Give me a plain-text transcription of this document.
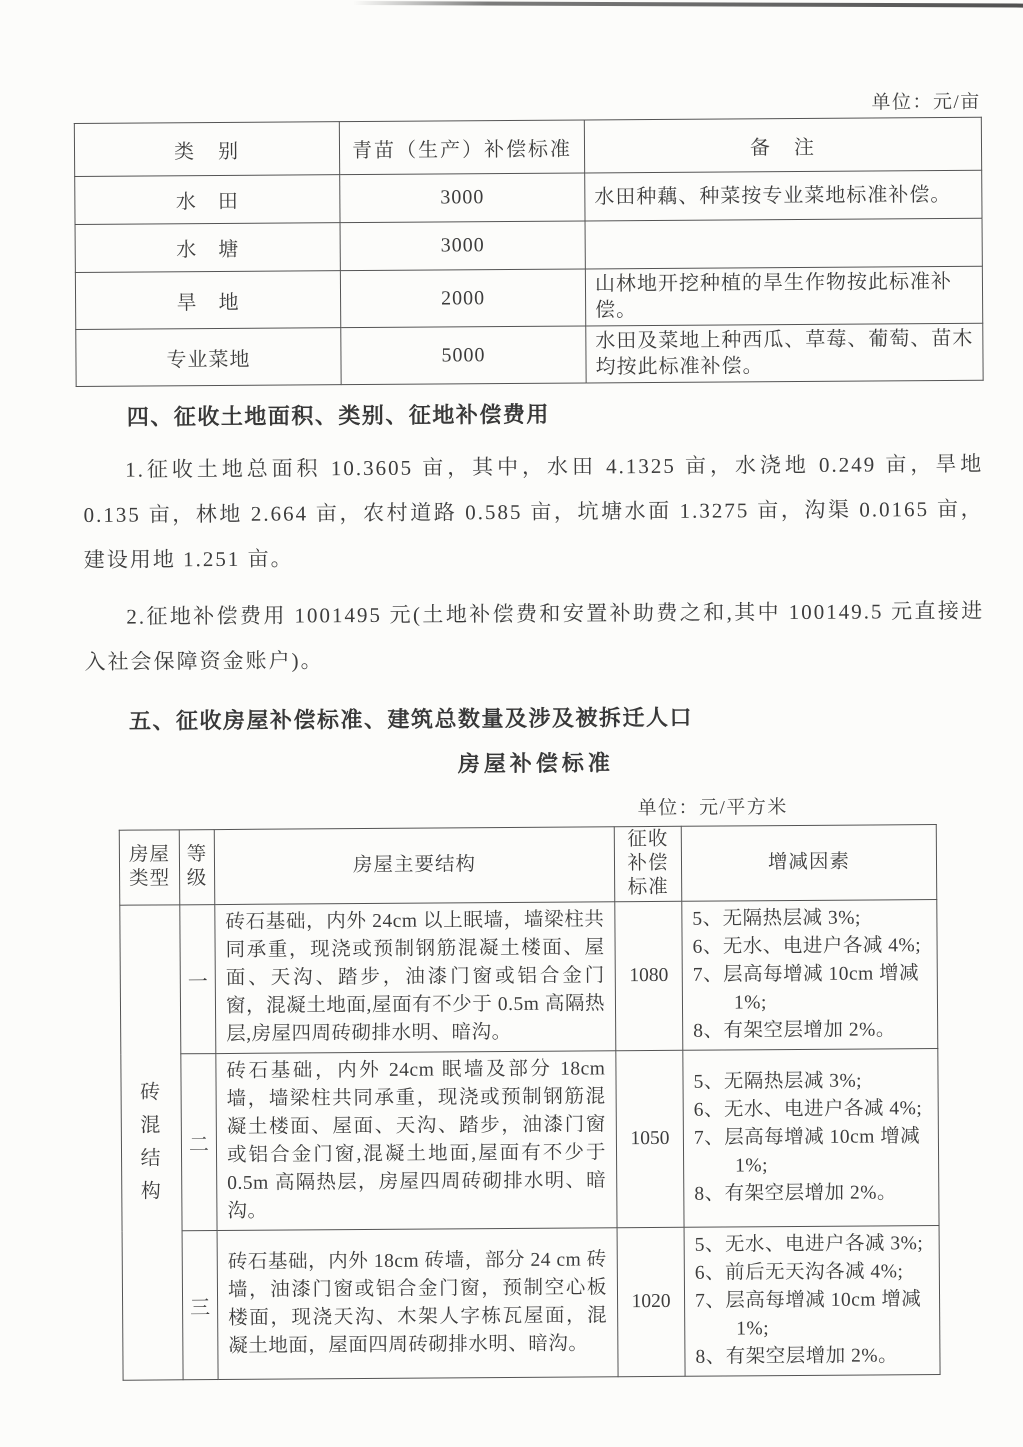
单位：元/亩
类　别	青苗（生产）补偿标准	备　注
水　田	3000	水田种藕、种菜按专业菜地标准补偿。
水　塘	3000	
旱　地	2000	山林地开挖种植的旱生作物按此标准补偿。
专业菜地	5000	水田及菜地上种西瓜、草莓、葡萄、苗木均按此标准补偿。
四、征收土地面积、类别、征地补偿费用

1.征收土地总面积 10.3605 亩，其中，水田 4.1325 亩，水浇地 0.249 亩，旱地 0.135 亩，林地 2.664 亩，农村道路 0.585 亩，坑塘水面 1.3275 亩，沟渠 0.0165 亩，建设用地 1.251 亩。

2.征地补偿费用 1001495 元(土地补偿费和安置补助费之和,其中 100149.5 元直接进入社会保障资金账户)。

五、征收房屋补偿标准、建筑总数量及涉及被拆迁人口
房屋补偿标准
单位：元/平方米
房屋类型	等级	房屋主要结构	征收补偿标准	增减因素

砖混结构	一	砖石基础，内外 24cm 以上眠墙，墙梁柱共同承重，现浇或预制钢筋混凝土楼面、屋面、天沟、踏步，油漆门窗或铝合金门窗，混凝土地面,屋面有不少于 0.5m 高隔热层,房屋四周砖砌排水明、暗沟。	1080	5、无隔热层减 3%;
6、无水、电进户各减 4%;
7、层高每增减 10cm 增减 1%;
8、有架空层增加 2%。

	二	砖石基础，内外 24cm 眠墙及部分 18cm 墙，墙梁柱共同承重，现浇或预制钢筋混凝土楼面、屋面、天沟、踏步，油漆门窗或铝合金门窗,混凝土地面,屋面有不少于 0.5m 高隔热层，房屋四周砖砌排水明、暗沟。	1050	5、无隔热层减 3%;
6、无水、电进户各减 4%;
7、层高每增减 10cm 增减 1%;
8、有架空层增加 2%。

	三	砖石基础，内外 18cm 砖墙，部分 24 cm 砖墙，油漆门窗或铝合金门窗，预制空心板楼面，现浇天沟、木架人字栋瓦屋面，混凝土地面，屋面四周砖砌排水明、暗沟。	1020	5、无水、电进户各减 3%;
6、前后无天沟各减 4%;
7、层高每增减 10cm 增减 1%;
8、有架空层增加 2%。
